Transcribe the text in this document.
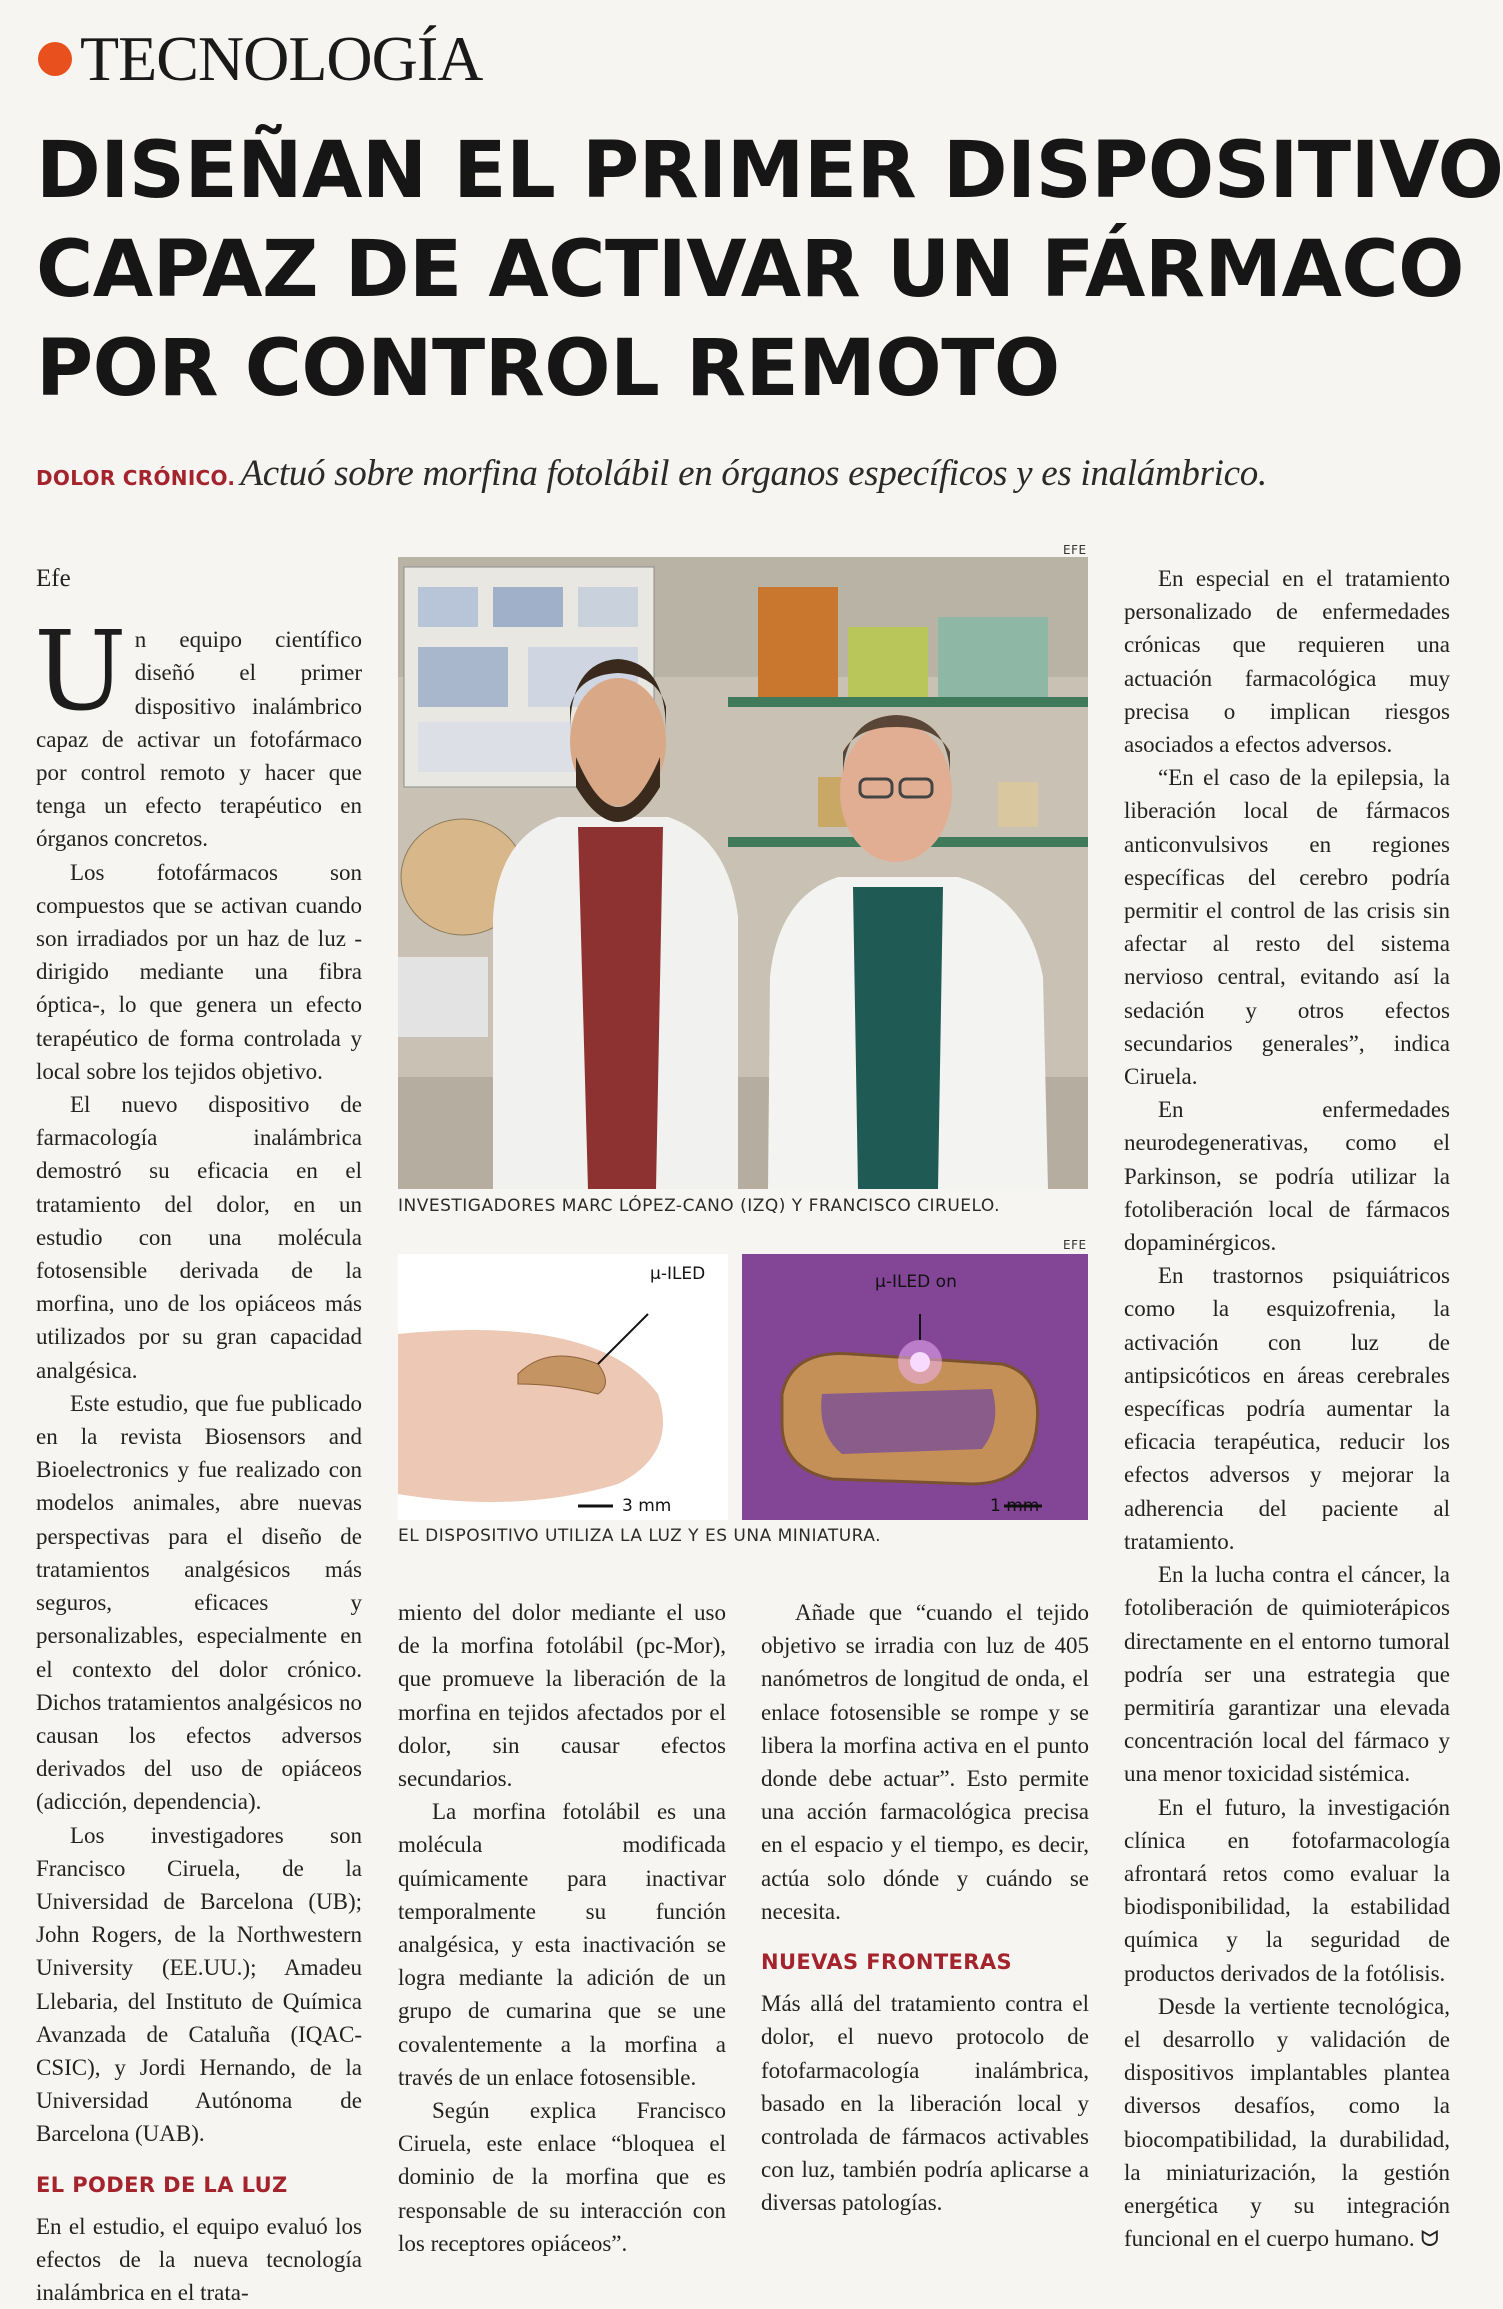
TECNOLOGÍA
DISEÑAN EL PRIMER DISPOSITIVO
CAPAZ DE ACTIVAR UN FÁRMACO
POR CONTROL REMOTO
DOLOR CRÓNICO. Actuó sobre morfina fotolábil en órganos específicos y es inalámbrico.
Efe

Un equipo científico diseñó el primer dispositivo inalámbrico capaz de activar un fotofármaco por control remoto y hacer que tenga un efecto terapéutico en órganos concretos.

Los fotofármacos son compuestos que se activan cuando son irradiados por un haz de luz -dirigido mediante una fibra óptica-, lo que genera un efecto terapéutico de forma controlada y local sobre los tejidos objetivo.

El nuevo dispositivo de farmacología inalámbrica demostró su eficacia en el tratamiento del dolor, en un estudio con una molécula fotosensible derivada de la morfina, uno de los opiáceos más utilizados por su gran capacidad analgésica.

Este estudio, que fue publicado en la revista Biosensors and Bioelectronics y fue realizado con modelos animales, abre nuevas perspectivas para el diseño de tratamientos analgésicos más seguros, eficaces y personalizables, especialmente en el contexto del dolor crónico. Dichos tratamientos analgésicos no causan los efectos adversos derivados del uso de opiáceos (adicción, dependencia).

Los investigadores son Francisco Ciruela, de la Universidad de Barcelona (UB); John Rogers, de la Northwestern University (EE.UU.); Amadeu Llebaria, del Instituto de Química Avanzada de Cataluña (IQAC-CSIC), y Jordi Hernando, de la Universidad Autónoma de Barcelona (UAB).

EL PODER DE LA LUZ

En el estudio, el equipo evaluó los efectos de la nueva tecnología inalámbrica en el trata-

EFE
INVESTIGADORES MARC LÓPEZ-CANO (IZQ) Y FRANCISCO CIRUELO.
μ-ILED
3 mm
μ-ILED on
1 mm
EFE
EL DISPOSITIVO UTILIZA LA LUZ Y ES UNA MINIATURA.

miento del dolor mediante el uso de la morfina fotolábil (pc-Mor), que promueve la liberación de la morfina en tejidos afectados por el dolor, sin causar efectos secundarios.

La morfina fotolábil es una molécula modificada químicamente para inactivar temporalmente su función analgésica, y esta inactivación se logra mediante la adición de un grupo de cumarina que se une covalentemente a la morfina a través de un enlace fotosensible.

Según explica Francisco Ciruela, este enlace “bloquea el dominio de la morfina que es responsable de su interacción con los receptores opiáceos”.

Añade que “cuando el tejido objetivo se irradia con luz de 405 nanómetros de longitud de onda, el enlace fotosensible se rompe y se libera la morfina activa en el punto donde debe actuar”. Esto permite una acción farmacológica precisa en el espacio y el tiempo, es decir, actúa solo dónde y cuándo se necesita.

NUEVAS FRONTERAS

Más allá del tratamiento contra el dolor, el nuevo protocolo de fotofarmacología inalámbrica, basado en la liberación local y controlada de fármacos activables con luz, también podría aplicarse a diversas patologías.

En especial en el tratamiento personalizado de enfermedades crónicas que requieren una actuación farmacológica muy precisa o implican riesgos asociados a efectos adversos.

“En el caso de la epilepsia, la liberación local de fármacos anticonvulsivos en regiones específicas del cerebro podría permitir el control de las crisis sin afectar al resto del sistema nervioso central, evitando así la sedación y otros efectos secundarios generales”, indica Ciruela.

En enfermedades neurodegenerativas, como el Parkinson, se podría utilizar la fotoliberación local de fármacos dopaminérgicos.

En trastornos psiquiátricos como la esquizofrenia, la activación con luz de antipsicóticos en áreas cerebrales específicas podría aumentar la eficacia terapéutica, reducir los efectos adversos y mejorar la adherencia del paciente al tratamiento.

En la lucha contra el cáncer, la fotoliberación de quimioterápicos directamente en el entorno tumoral podría ser una estrategia que permitiría garantizar una elevada concentración local del fármaco y una menor toxicidad sistémica.

En el futuro, la investigación clínica en fotofarmacología afrontará retos como evaluar la biodisponibilidad, la estabilidad química y la seguridad de productos derivados de la fotólisis.

Desde la vertiente tecnológica, el desarrollo y validación de dispositivos implantables plantea diversos desafíos, como la biocompatibilidad, la durabilidad, la miniaturización, la gestión energética y su integración funcional en el cuerpo humano. ᗢ
